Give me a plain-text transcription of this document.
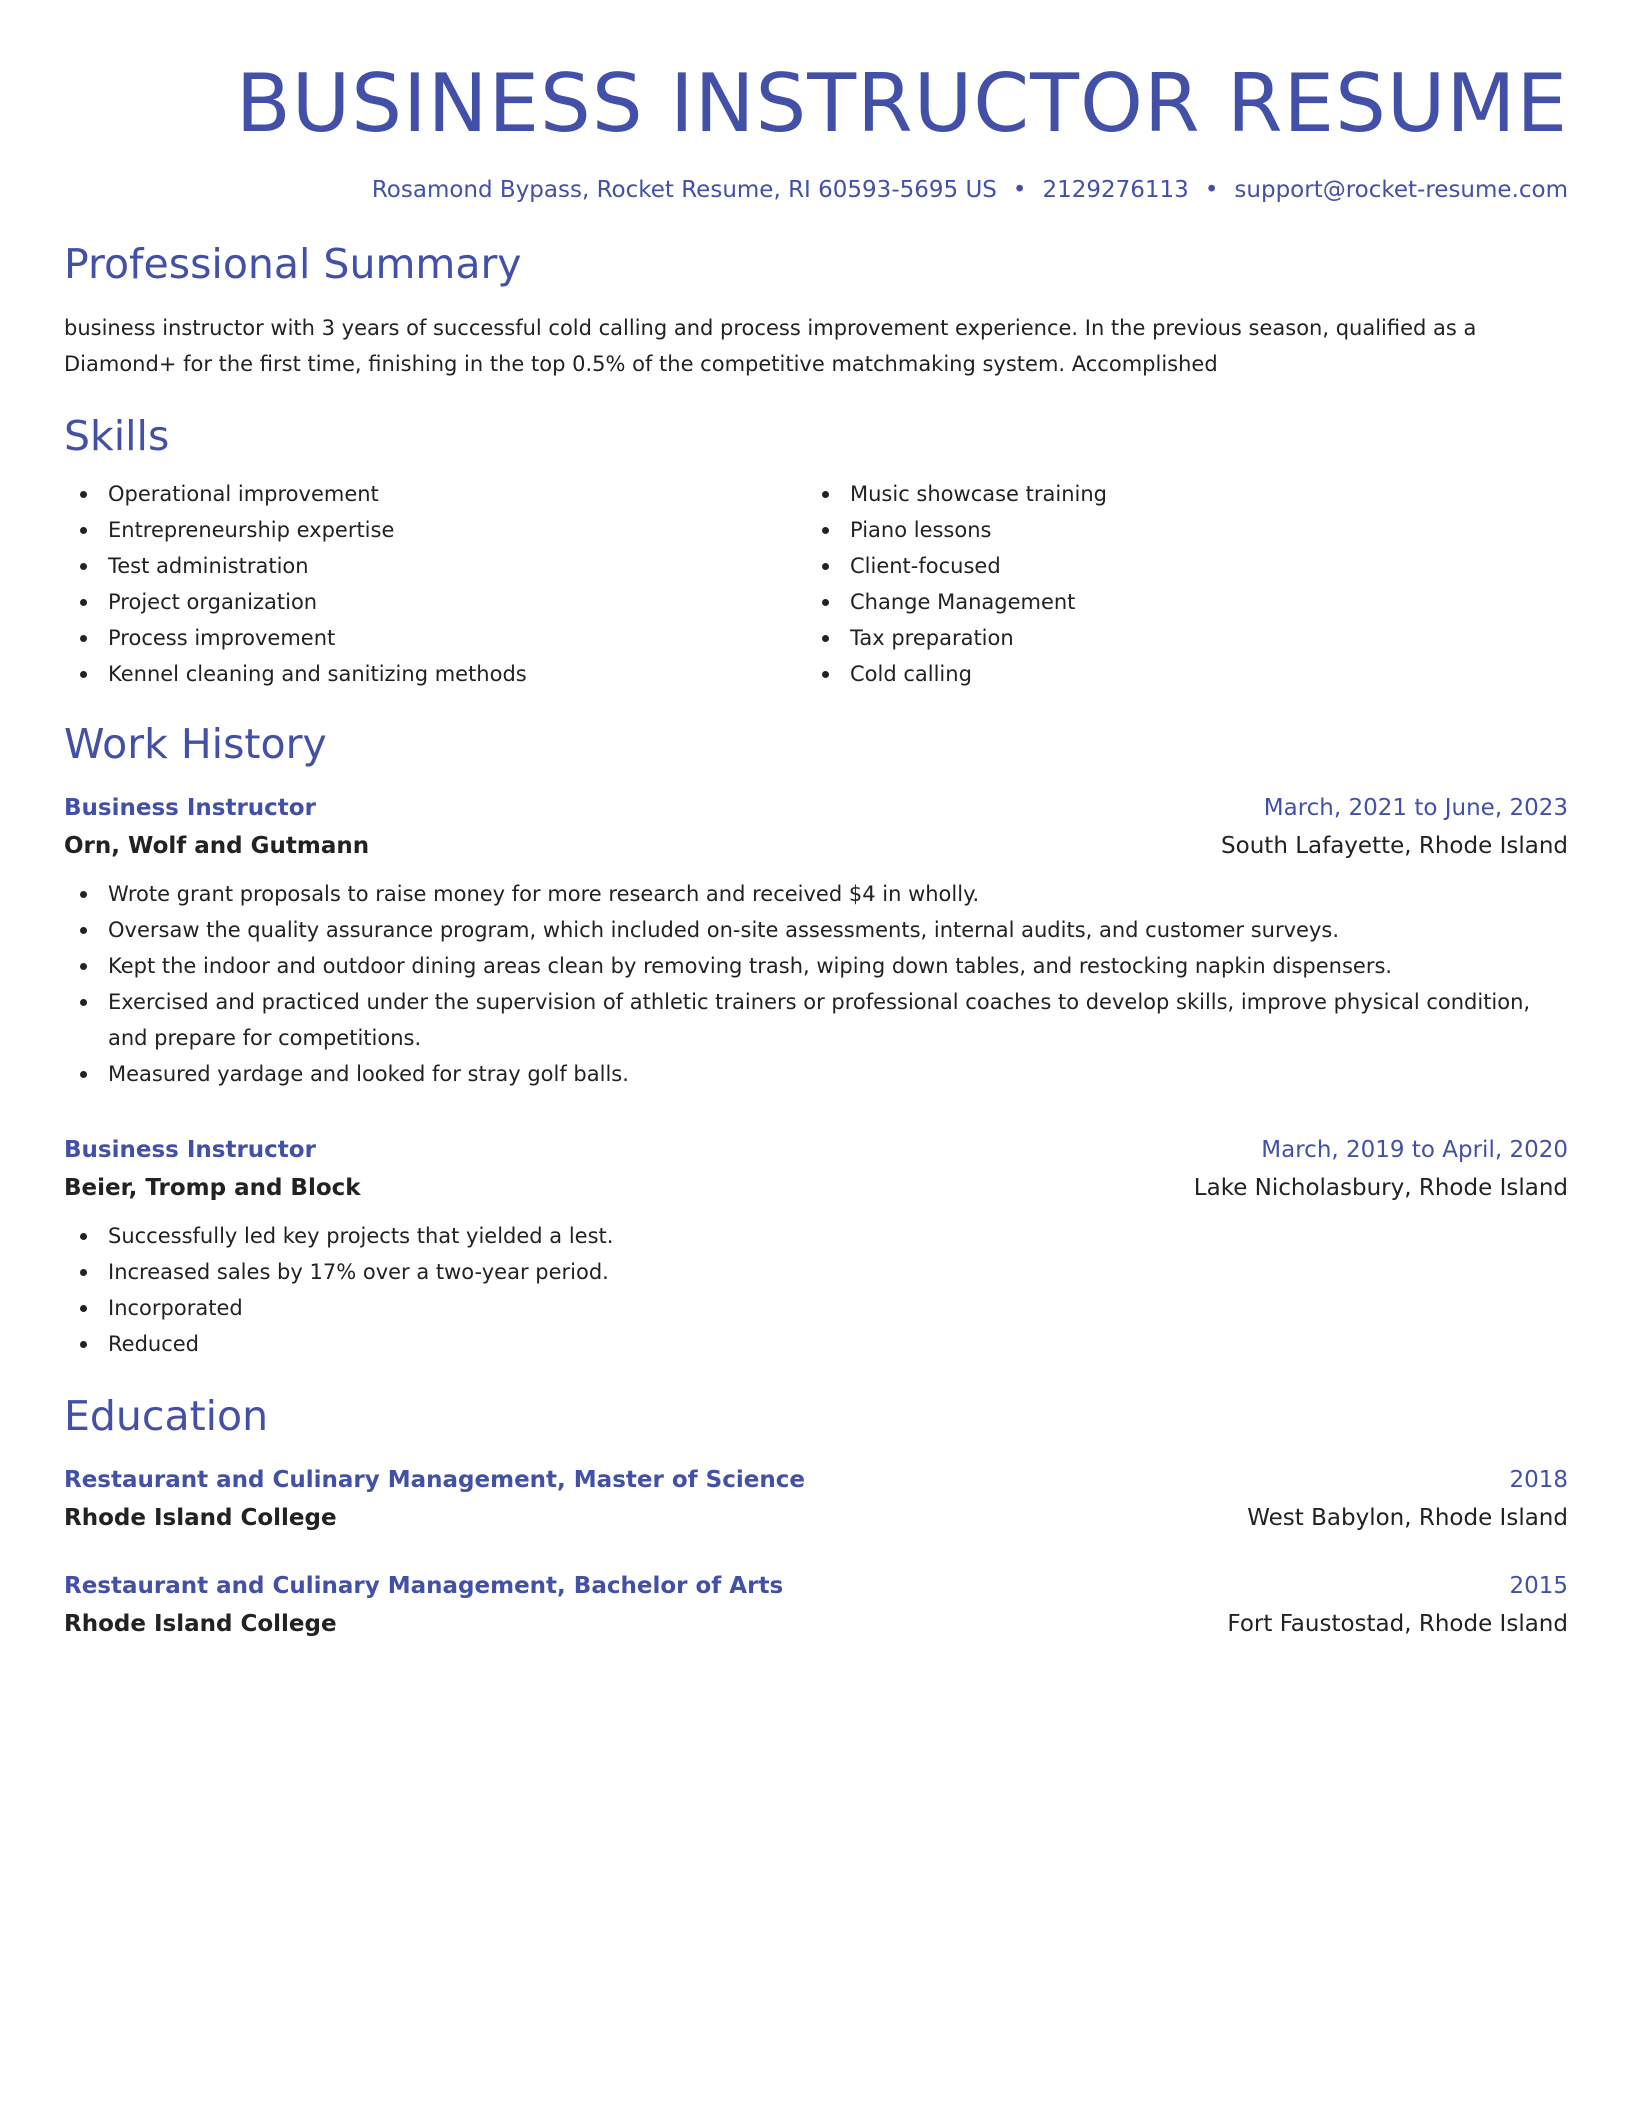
BUSINESS INSTRUCTOR RESUME
Rosamond Bypass, Rocket Resume, RI 60593-5695 US • 2129276113 • support@rocket-resume.com
Professional Summary
business instructor with 3 years of successful cold calling and process improvement experience. In the previous season, qualified as a Diamond+ for the first time, finishing in the top 0.5% of the competitive matchmaking system. Accomplished
Skills
Operational improvement
Entrepreneurship expertise
Test administration
Project organization
Process improvement
Kennel cleaning and sanitizing methods
Music showcase training
Piano lessons
Client-focused
Change Management
Tax preparation
Cold calling
Work History
Business Instructor	March, 2021 to June, 2023
Orn, Wolf and Gutmann	South Lafayette, Rhode Island
Wrote grant proposals to raise money for more research and received $4 in wholly.
Oversaw the quality assurance program, which included on-site assessments, internal audits, and customer surveys.
Kept the indoor and outdoor dining areas clean by removing trash, wiping down tables, and restocking napkin dispensers.
Exercised and practiced under the supervision of athletic trainers or professional coaches to develop skills, improve physical condition, and prepare for competitions.
Measured yardage and looked for stray golf balls.
Business Instructor	March, 2019 to April, 2020
Beier, Tromp and Block	Lake Nicholasbury, Rhode Island
Successfully led key projects that yielded a lest.
Increased sales by 17% over a two-year period.
Incorporated
Reduced
Education
Restaurant and Culinary Management, Master of Science	2018
Rhode Island College	West Babylon, Rhode Island
Restaurant and Culinary Management, Bachelor of Arts	2015
Rhode Island College	Fort Faustostad, Rhode Island
